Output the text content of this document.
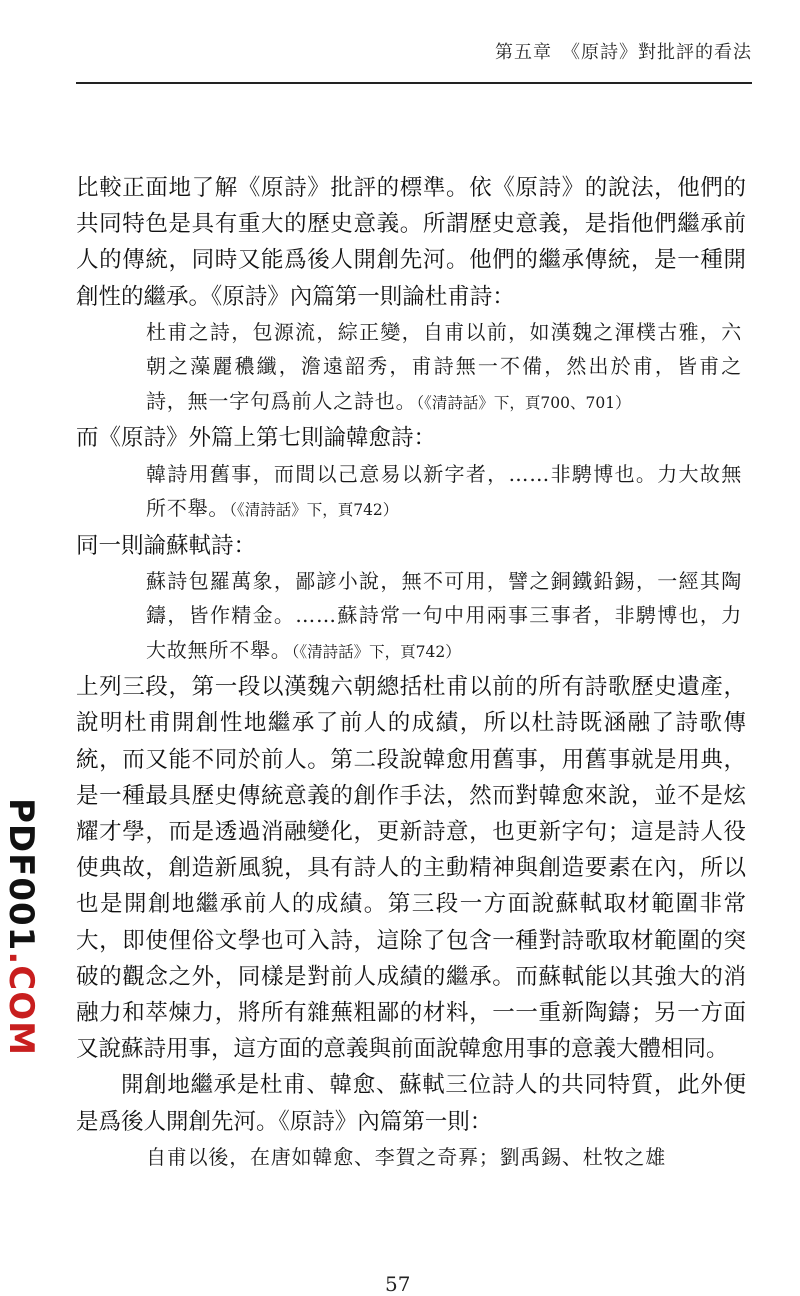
第五章　《原詩》對批評的看法

比較正面地了解《原詩》批評的標準。依《原詩》的說法，他們的共同特色是具有重大的歷史意義。所謂歷史意義，是指他們繼承前人的傳統，同時又能爲後人開創先河。他們的繼承傳統，是一種開創性的繼承。《原詩》內篇第一則論杜甫詩：

杜甫之詩，包源流，綜正變，自甫以前，如漢魏之渾樸古雅，六朝之藻麗穠纖，澹遠韶秀，甫詩無一不備，然出於甫，皆甫之詩，無一字句爲前人之詩也。（《清詩話》下，頁700、701）

而《原詩》外篇上第七則論韓愈詩：

韓詩用舊事，而間以己意易以新字者，……非騁博也。力大故無所不舉。（《清詩話》下，頁742）

同一則論蘇軾詩：

蘇詩包羅萬象，鄙諺小說，無不可用，譬之銅鐵鉛錫，一經其陶鑄，皆作精金。……蘇詩常一句中用兩事三事者，非騁博也，力大故無所不舉。（《清詩話》下，頁742）

上列三段，第一段以漢魏六朝總括杜甫以前的所有詩歌歷史遺產，說明杜甫開創性地繼承了前人的成績，所以杜詩既涵融了詩歌傳統，而又能不同於前人。第二段說韓愈用舊事，用舊事就是用典，是一種最具歷史傳統意義的創作手法，然而對韓愈來說，並不是炫耀才學，而是透過消融變化，更新詩意，也更新字句；這是詩人役使典故，創造新風貌，具有詩人的主動精神與創造要素在內，所以也是開創地繼承前人的成績。第三段一方面說蘇軾取材範圍非常大，即使俚俗文學也可入詩，這除了包含一種對詩歌取材範圍的突破的觀念之外，同樣是對前人成績的繼承。而蘇軾能以其強大的消融力和萃煉力，將所有雜蕪粗鄙的材料，一一重新陶鑄；另一方面又說蘇詩用事，這方面的意義與前面說韓愈用事的意義大體相同。

開創地繼承是杜甫、韓愈、蘇軾三位詩人的共同特質，此外便是爲後人開創先河。《原詩》內篇第一則：

自甫以後，在唐如韓愈、李賀之奇奡；劉禹錫、杜牧之雄

PDF001.COM
57
